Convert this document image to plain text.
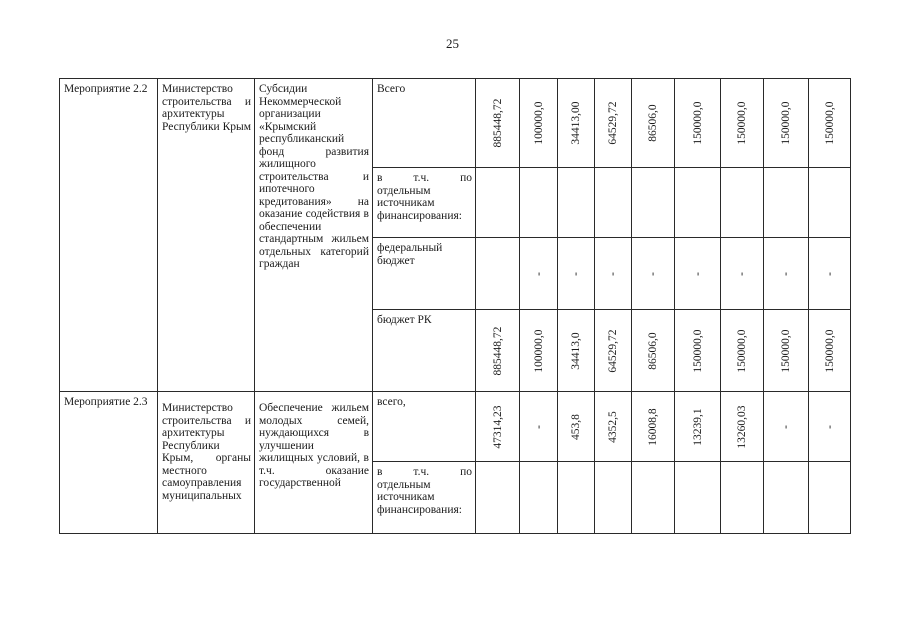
25
Мероприятие 2.2	Министерство строительства и архитектуры Республики Крым	Субсидии Некоммерческой организации «Крымский республиканский фонд развития жилищного строительства и ипотечного кредитования» на оказание содействия в обеспечении стандартным жильем отдельных категорий граждан	Всего	885448,72	100000,0	34413,00	64529,72	86506,0	150000,0	150000,0	150000,0	150000,0

			в т.ч. по отдельным источникам финансирования:									
			федеральный бюджет		-	-	-	-	-	-	-	-

			бюджет РК	885448,72	100000,0	34413,0	64529,72	86506,0	150000,0	150000,0	150000,0	150000,0

Мероприятие 2.3	Министерство строительства и архитектуры Республики Крым, органы местного самоуправления муниципальных	Обеспечение жильем молодых семей, нуждающихся в улучшении жилищных условий, в т.ч. оказание государственной	всего,	47314,23	-	453,8	4352,5	16008,8	13239,1	13260,03	-	-

			в т.ч. по отдельным источникам финансирования:									
